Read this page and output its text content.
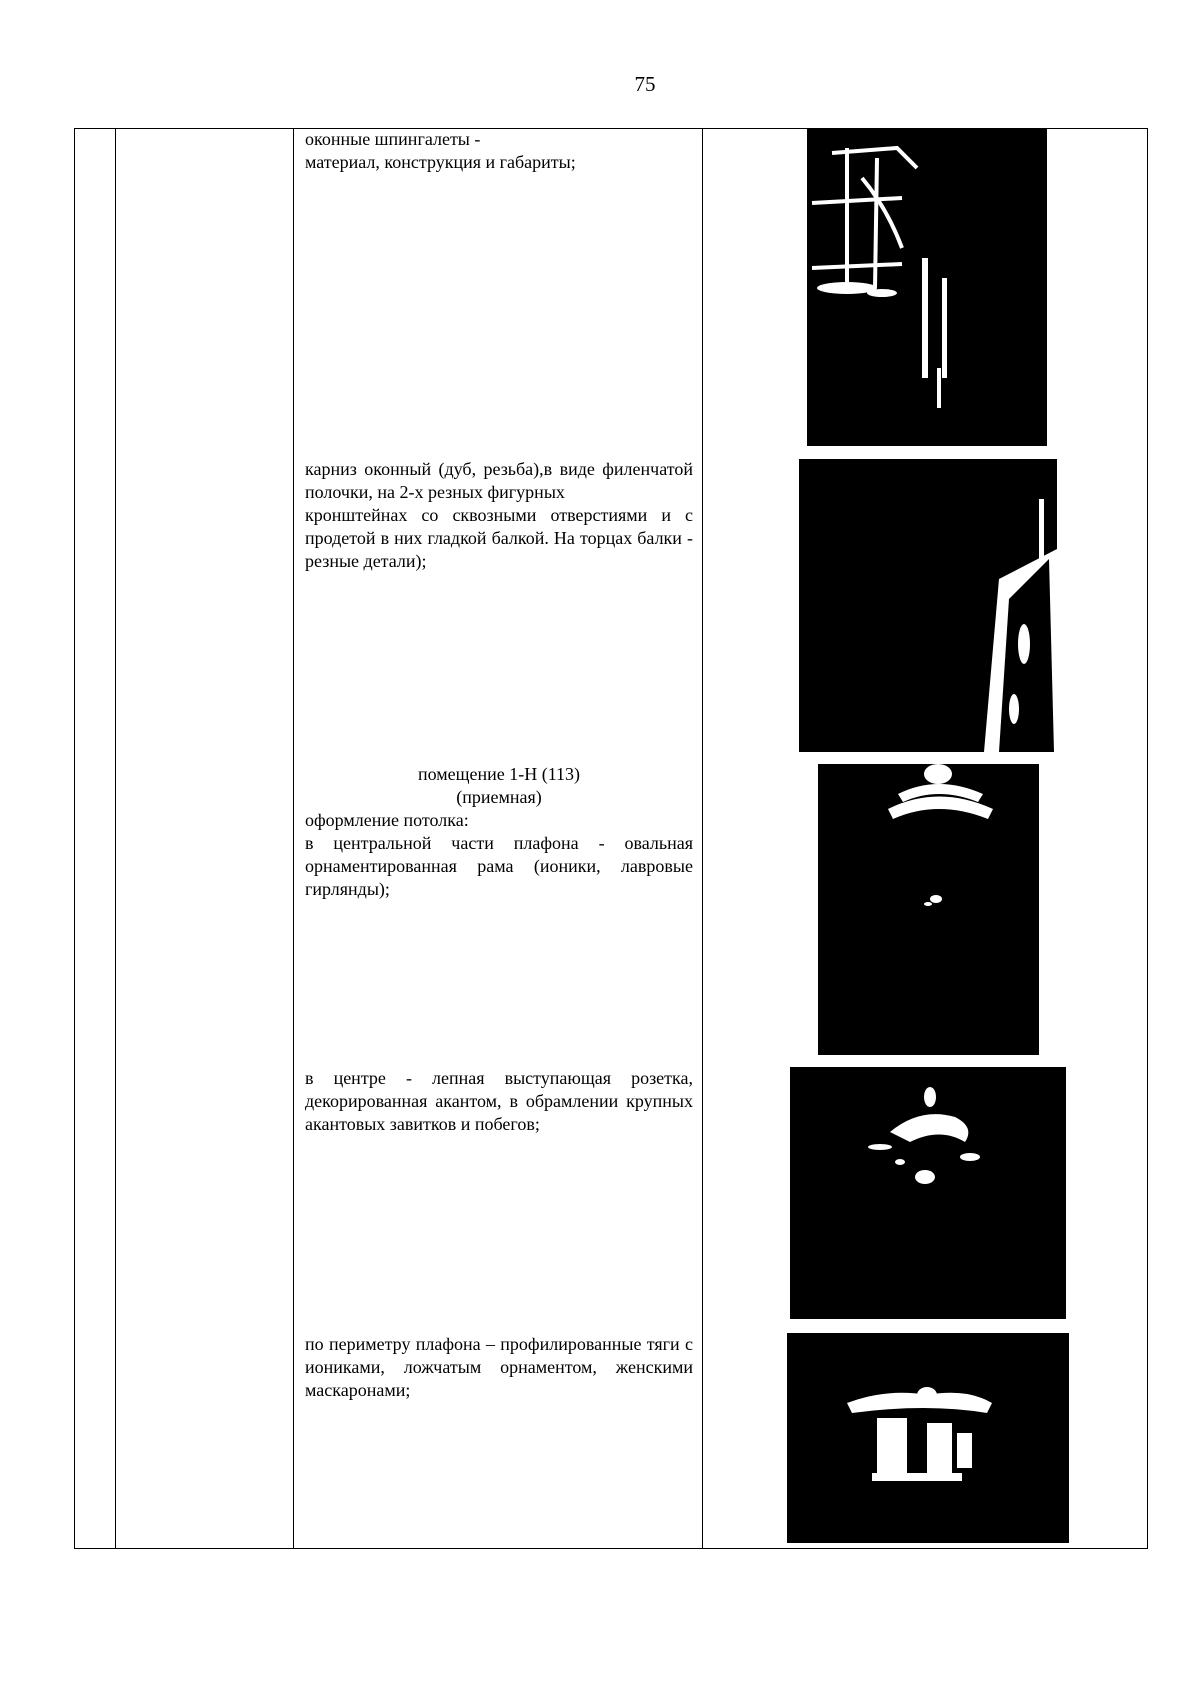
75

оконные шпингалеты -

материал, конструкция и габариты;

карниз оконный (дуб, резьба),в виде филенчатой полочки, на 2-х резных фигурных

кронштейнах со сквозными отверстиями и с продетой в них гладкой балкой. На торцах балки - резные детали);

помещение 1-Н (113)

(приемная)

оформление потолка:

в центральной части плафона - овальная орнаментированная рама (ионики, лавровые гирлянды);

в центре - лепная выступающая розетка, декорированная акантом, в обрамлении крупных акантовых завитков и побегов;

по периметру плафона – профилированные тяги с иониками, ложчатым орнаментом, женскими маскаронами;
